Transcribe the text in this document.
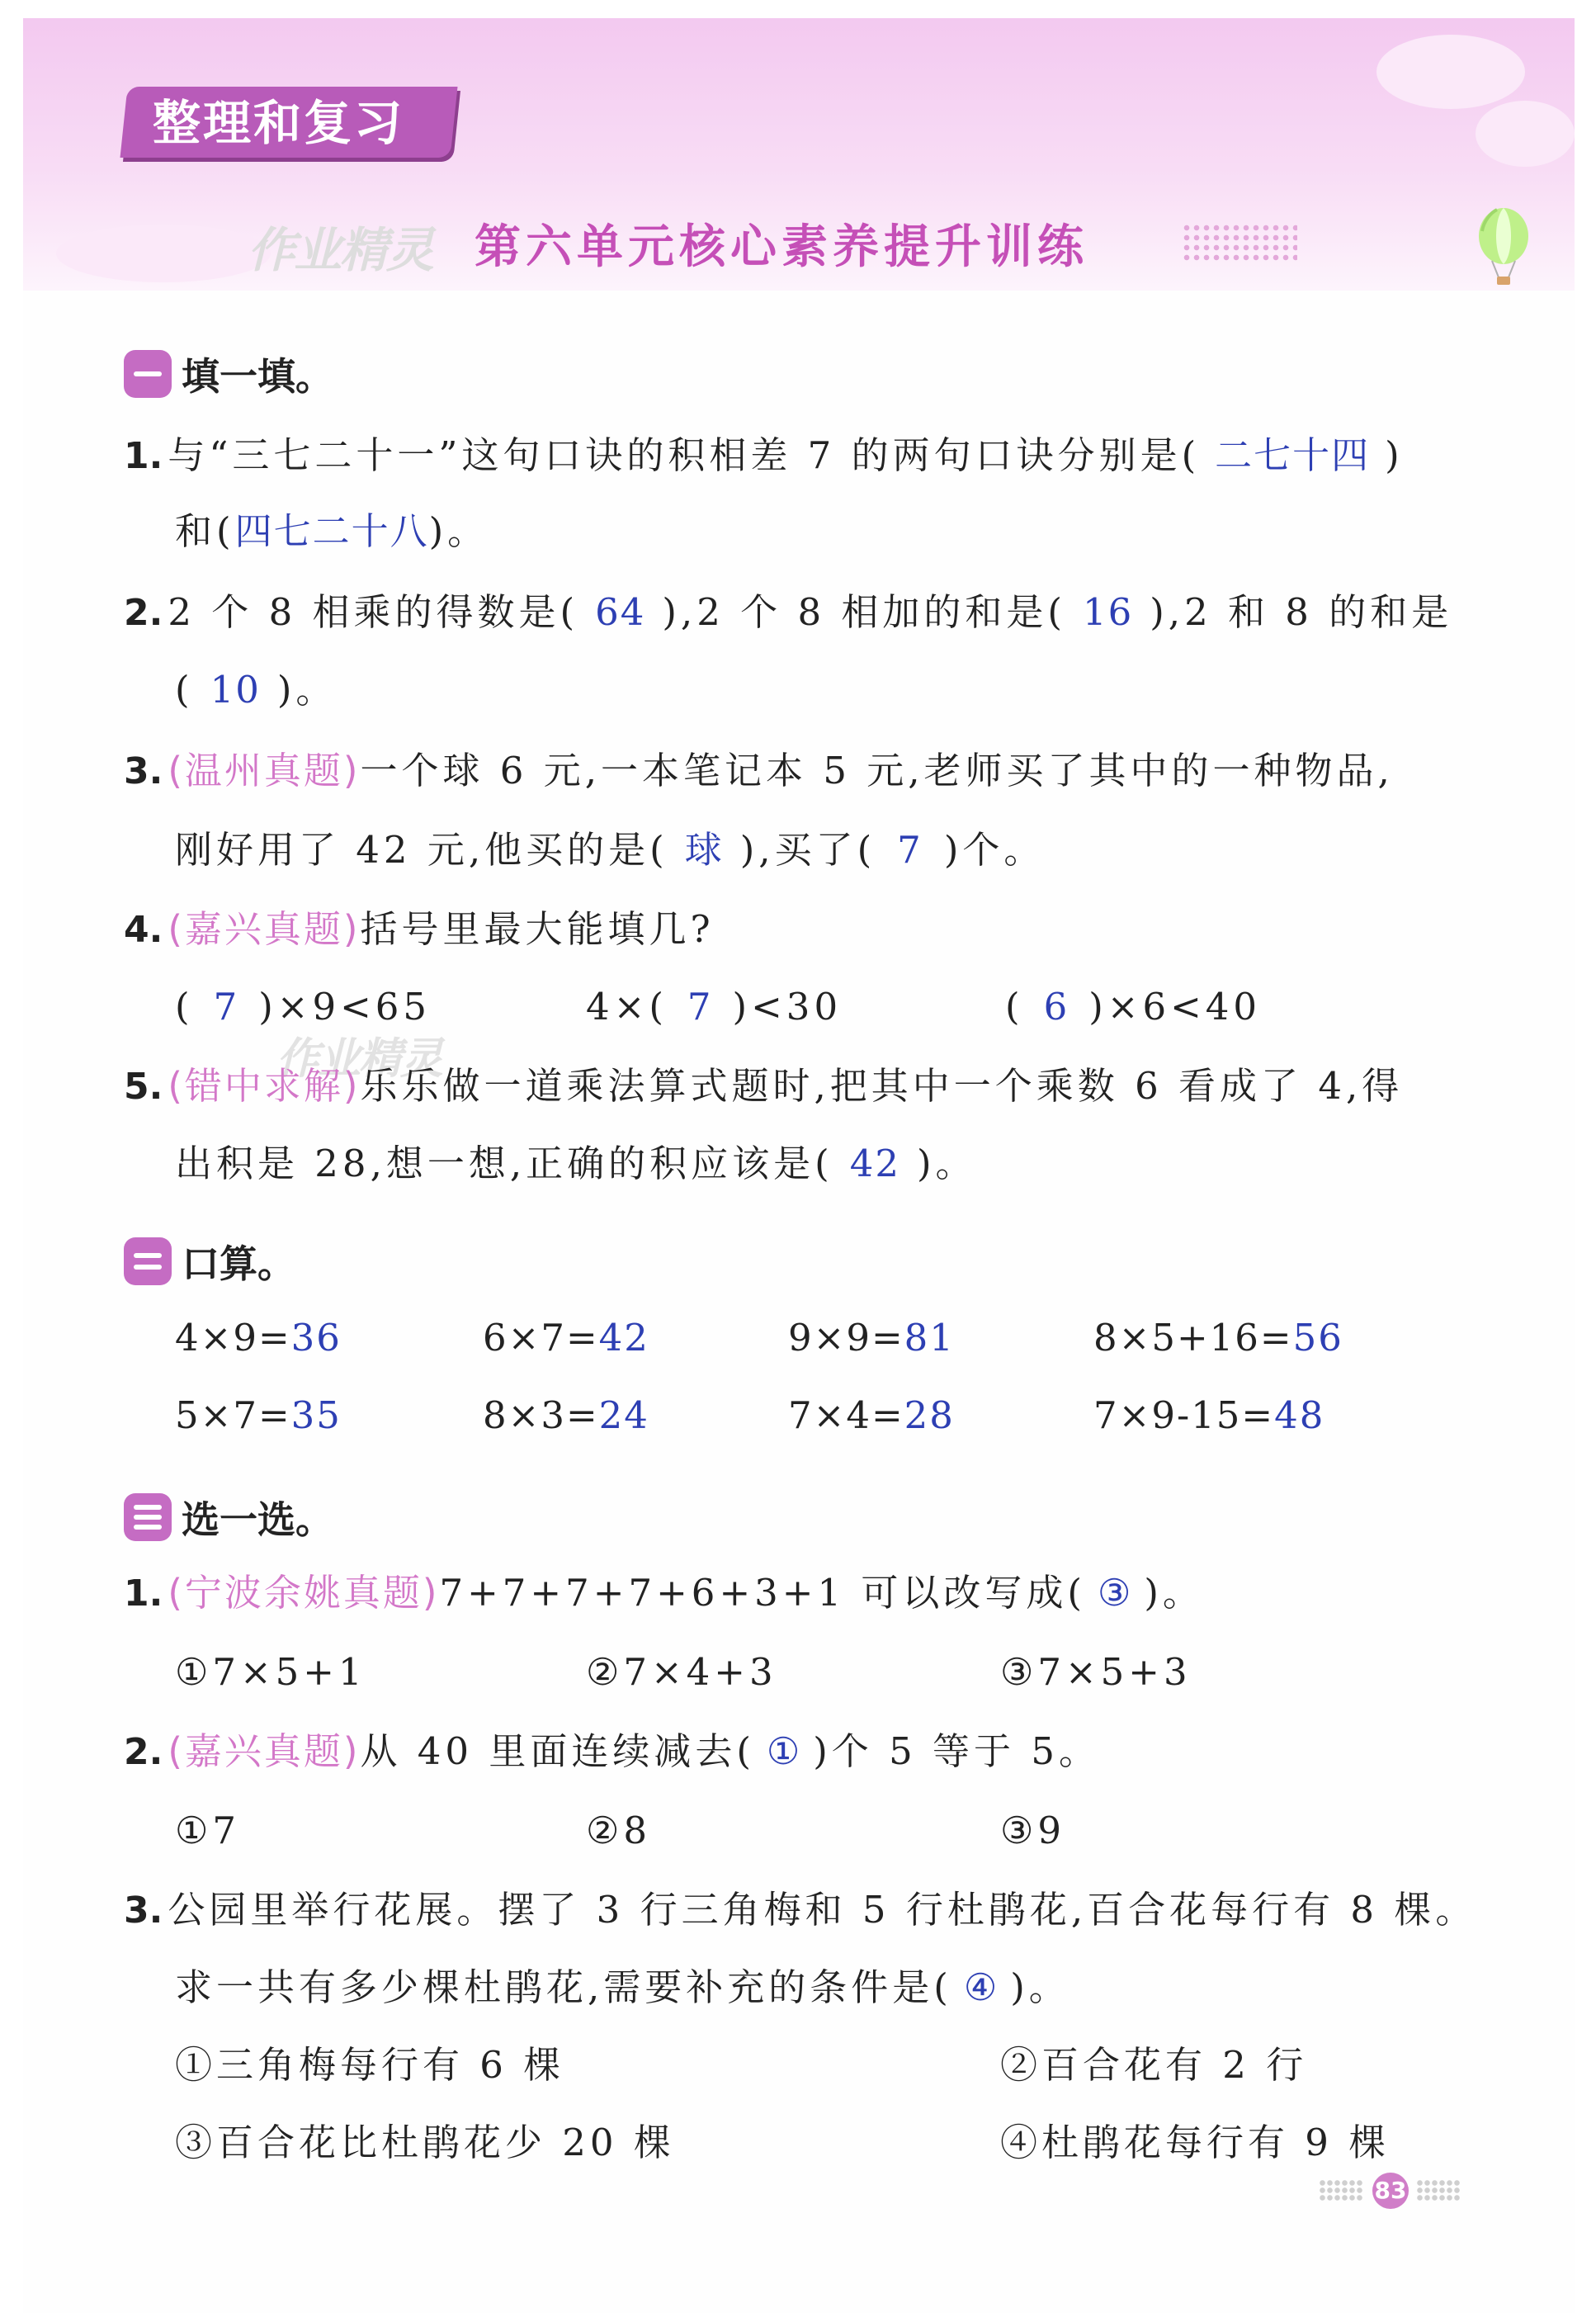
整理和复习
作业精灵 第六单元核心素养提升训练
填一填。
1. 与“三七二十一”这句口诀的积相差 7 的两句口诀分别是( 二七十四 )
和(四七二十八)。
2. 2 个 8 相乘的得数是( 64 ),2 个 8 相加的和是( 16 ),2 和 8 的和是
( 10 )。
3. (温州真题)一个球 6 元,一本笔记本 5 元,老师买了其中的一种物品,
刚好用了 42 元,他买的是( 球 ),买了( 7 )个。
4. (嘉兴真题)括号里最大能填几?
( 7 )×9<65	4×( 7 )<30	( 6 )×6<40
作业精灵
5. (错中求解)乐乐做一道乘法算式题时,把其中一个乘数 6 看成了 4,得
出积是 28,想一想,正确的积应该是( 42 )。
口算。
4×9=36	6×7=42	9×9=81	8×5+16=56
5×7=35	8×3=24	7×4=28	7×9-15=48
选一选。
1. (宁波余姚真题)7+7+7+7+6+3+1 可以改写成( ③ )。
①7×5+1	②7×4+3	③7×5+3
2. (嘉兴真题)从 40 里面连续减去( ① )个 5 等于 5。
①7	②8	③9
3. 公园里举行花展。摆了 3 行三角梅和 5 行杜鹃花,百合花每行有 8 棵。
求一共有多少棵杜鹃花,需要补充的条件是( ④ )。
①三角梅每行有 6 棵	②百合花有 2 行
③百合花比杜鹃花少 20 棵	④杜鹃花每行有 9 棵
83
